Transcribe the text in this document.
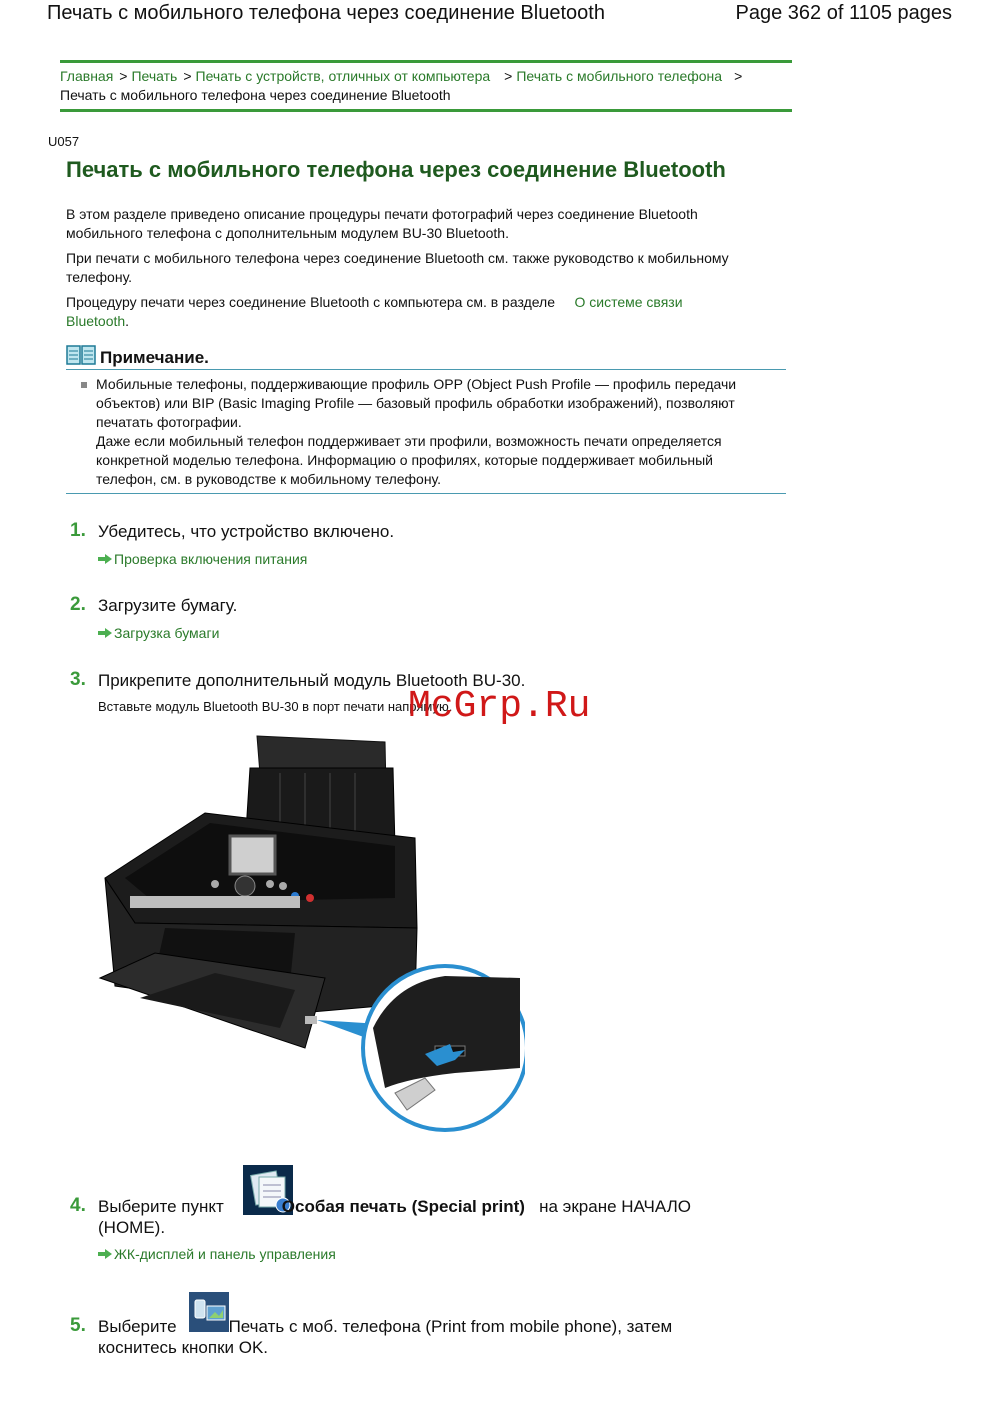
Печать с мобильного телефона через соединение Bluetooth	Page 362 of 1105 pages
Главная > Печать > Печать с устройств, отличных от компьютера > Печать с мобильного телефона >
Печать с мобильного телефона через соединение Bluetooth
U057
Печать с мобильного телефона через соединение Bluetooth
В этом разделе приведено описание процедуры печати фотографий через соединение Bluetooth мобильного телефона с дополнительным модулем BU-30 Bluetooth.
При печати с мобильного телефона через соединение Bluetooth см. также руководство к мобильному телефону.
Процедуру печати через соединение Bluetooth с компьютера см. в разделе О системе связи Bluetooth.
Примечание.
Мобильные телефоны, поддерживающие профиль OPP (Object Push Profile — профиль передачи объектов) или BIP (Basic Imaging Profile — базовый профиль обработки изображений), позволяют печатать фотографии.
Даже если мобильный телефон поддерживает эти профили, возможность печати определяется конкретной моделью телефона. Информацию о профилях, которые поддерживает мобильный телефон, см. в руководстве к мобильному телефону.
1. Убедитесь, что устройство включено.
Проверка включения питания
2. Загрузите бумагу.
Загрузка бумаги
3. Прикрепите дополнительный модуль Bluetooth BU-30.
Вставьте модуль Bluetooth BU-30 в порт печати напрямую.
McGrp.Ru
4. Выберите пункт	Особая печать (Special print) на экране НАЧАЛО (HOME).
ЖК-дисплей и панель управления
5. Выберите	Печать с моб. телефона (Print from mobile phone), затем коснитесь кнопки OK.
